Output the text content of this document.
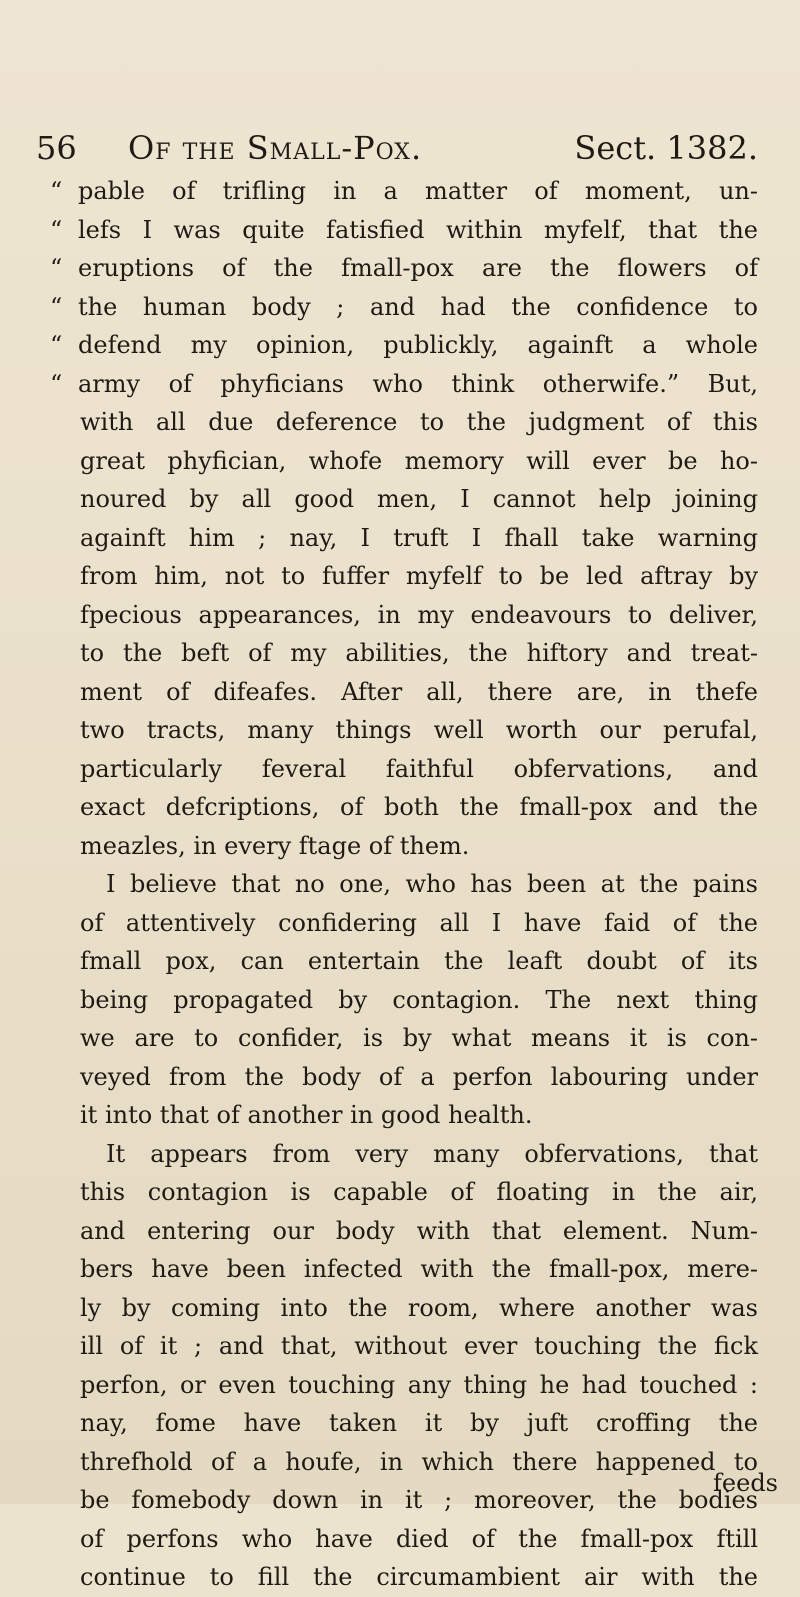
56 Of the Small-Pox.	Sect. 1382.
“ pable of trifling in a matter of moment, un-
“ lefs I was quite fatisfied within myfelf, that the
“ eruptions of the fmall-pox are the flowers of
“ the human body ; and had the confidence to
“ defend my opinion, publickly, againft a whole
“ army of phyficians who think otherwife.” But,
with all due deference to the judgment of this
great phyfician, whofe memory will ever be ho-
noured by all good men, I cannot help joining
againft him ; nay, I truft I fhall take warning
from him, not to fuffer myfelf to be led aftray by
fpecious appearances, in my endeavours to deliver,
to the beft of my abilities, the hiftory and treat-
ment of difeafes. After all, there are, in thefe
two tracts, many things well worth our perufal,
particularly feveral faithful obfervations, and
exact defcriptions, of both the fmall-pox and the
meazles, in every ftage of them.
I believe that no one, who has been at the pains
of attentively confidering all I have faid of the
fmall pox, can entertain the leaft doubt of its
being propagated by contagion. The next thing
we are to confider, is by what means it is con-
veyed from the body of a perfon labouring under
it into that of another in good health.
It appears from very many obfervations, that
this contagion is capable of floating in the air,
and entering our body with that element. Num-
bers have been infected with the fmall-pox, mere-
ly by coming into the room, where another was
ill of it ; and that, without ever touching the fick
perfon, or even touching any thing he had touched :
nay, fome have taken it by juft croffing the
threfhold of a houfe, in which there happened to
be fomebody down in it ; moreover, the bodies
of perfons who have died of the fmall-pox ftill
continue to fill the circumambient air with the
feeds
